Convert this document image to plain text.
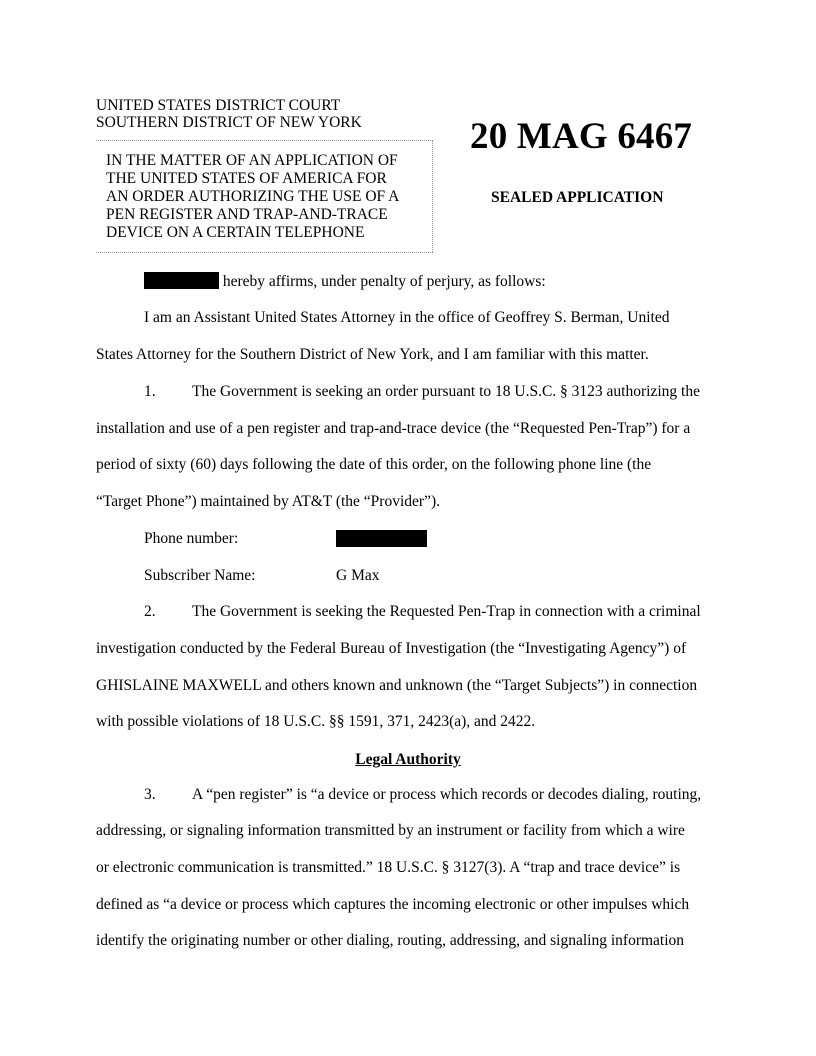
UNITED STATES DISTRICT COURT
SOUTHERN DISTRICT OF NEW YORK
IN THE MATTER OF AN APPLICATION OF
THE UNITED STATES OF AMERICA FOR
AN ORDER AUTHORIZING THE USE OF A
PEN REGISTER AND TRAP-AND-TRACE
DEVICE ON A CERTAIN TELEPHONE
20 MAG 6467
SEALED APPLICATION
hereby affirms, under penalty of perjury, as follows:
I am an Assistant United States Attorney in the office of Geoffrey S. Berman, United
States Attorney for the Southern District of New York, and I am familiar with this matter.
1. The Government is seeking an order pursuant to 18 U.S.C. § 3123 authorizing the
installation and use of a pen register and trap-and-trace device (the “Requested Pen-Trap”) for a
period of sixty (60) days following the date of this order, on the following phone line (the
“Target Phone”) maintained by AT&T (the “Provider”).
Phone number:
Subscriber Name:	G Max
2. The Government is seeking the Requested Pen-Trap in connection with a criminal
investigation conducted by the Federal Bureau of Investigation (the “Investigating Agency”) of
GHISLAINE MAXWELL and others known and unknown (the “Target Subjects”) in connection
with possible violations of 18 U.S.C. §§ 1591, 371, 2423(a), and 2422.
Legal Authority
3. A “pen register” is “a device or process which records or decodes dialing, routing,
addressing, or signaling information transmitted by an instrument or facility from which a wire
or electronic communication is transmitted.” 18 U.S.C. § 3127(3). A “trap and trace device” is
defined as “a device or process which captures the incoming electronic or other impulses which
identify the originating number or other dialing, routing, addressing, and signaling information
